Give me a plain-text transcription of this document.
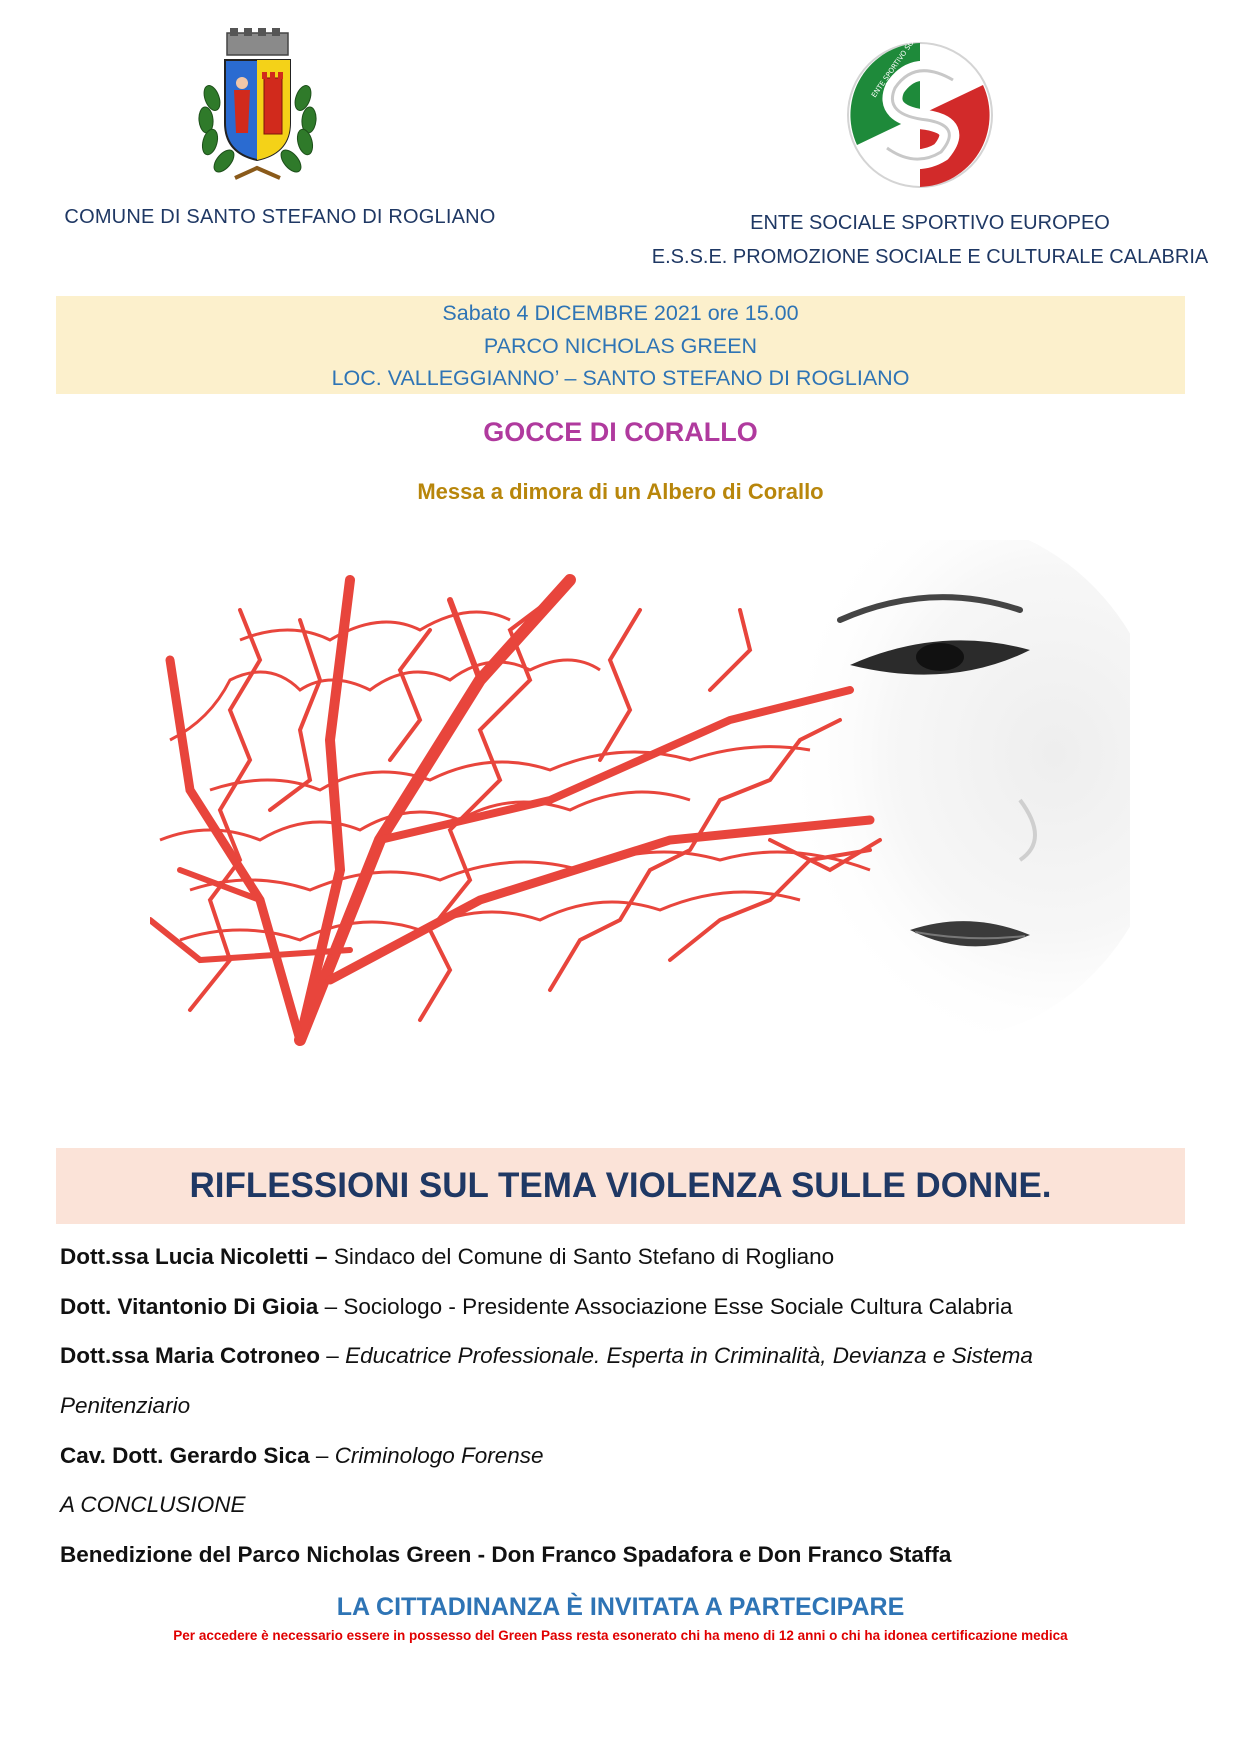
ENTE SPORTIVO
COMUNE DI SANTO STEFANO DI ROGLIANO	ENTE SOCIALE SPORTIVO EUROPEO
E.S.S.E. PROMOZIONE SOCIALE E CULTURALE CALABRIA
Sabato 4 DICEMBRE 2021 ore 15.00
PARCO NICHOLAS GREEN
LOC. VALLEGGIANNO’ – SANTO STEFANO DI ROGLIANO
GOCCE DI CORALLO
Messa a dimora di un Albero di Corallo
RIFLESSIONI SUL TEMA VIOLENZA SULLE DONNE.
Dott.ssa Lucia Nicoletti – Sindaco del Comune di Santo Stefano di Rogliano
Dott. Vitantonio Di Gioia – Sociologo - Presidente Associazione Esse Sociale Cultura Calabria
Dott.ssa Maria Cotroneo – Educatrice Professionale. Esperta in Criminalità, Devianza e Sistema
Penitenziario
Cav. Dott. Gerardo Sica – Criminologo Forense
A CONCLUSIONE
Benedizione del Parco Nicholas Green - Don Franco Spadafora e Don Franco Staffa
LA CITTADINANZA È INVITATA A PARTECIPARE
Per accedere è necessario essere in possesso del Green Pass resta esonerato chi ha meno di 12 anni o chi ha idonea certificazione medica
